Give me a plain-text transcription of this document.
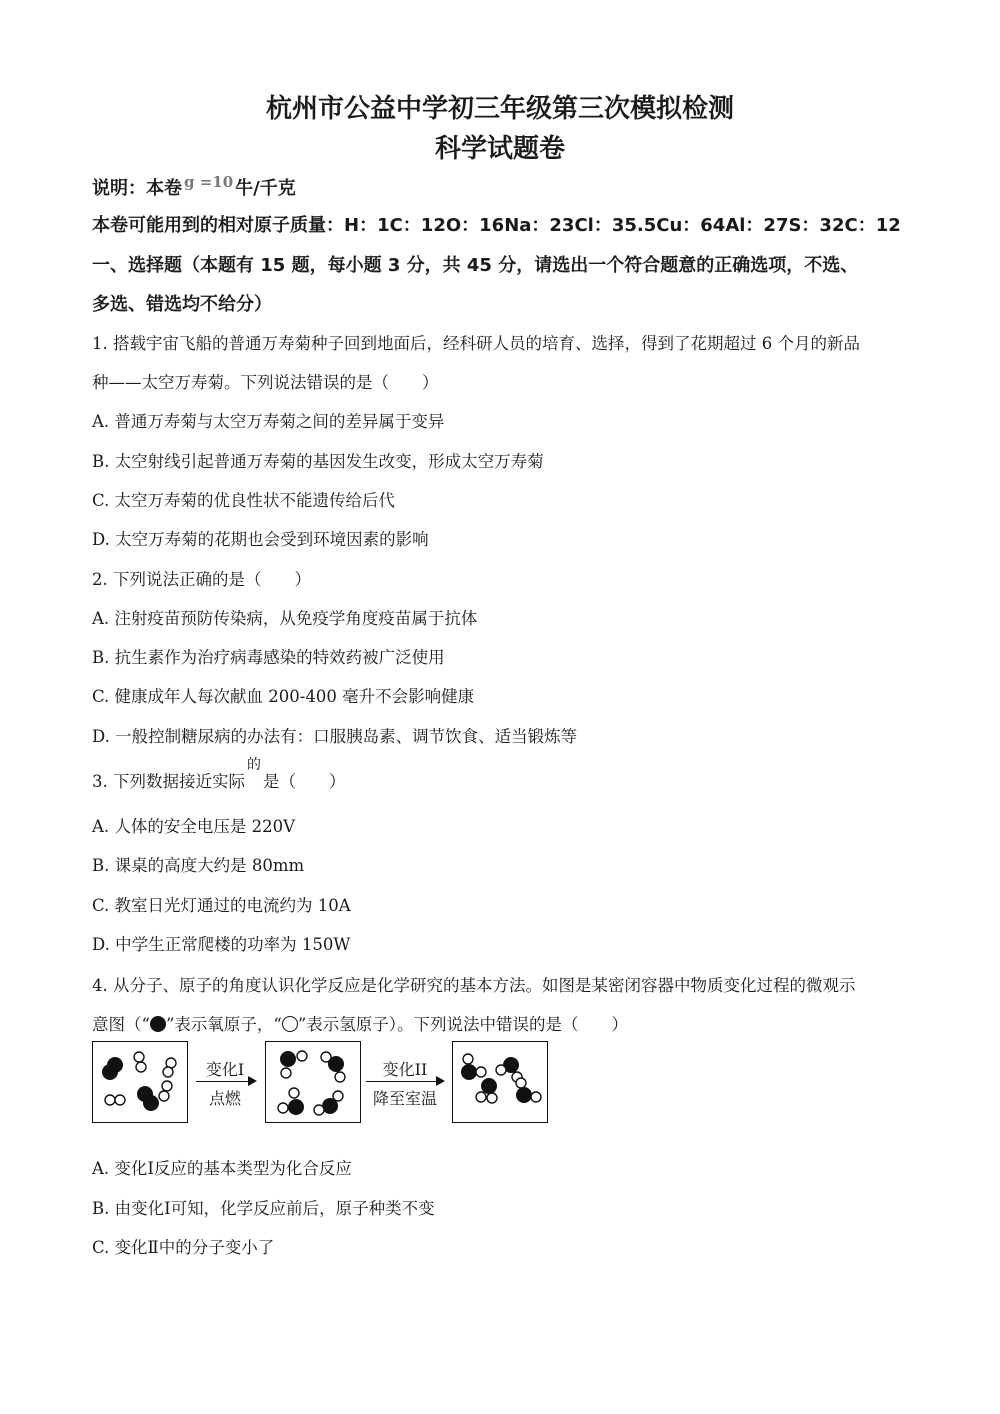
杭州市公益中学初三年级第三次模拟检测
科学试题卷
说明：本卷 $^{g =10}$ 牛/千克
本卷可能用到的相对原子质量：H：1C：12O：16Na：23Cl：35.5Cu：64Al：27S：32C：12
一、选择题（本题有 15 题，每小题 3 分，共 45 分，请选出一个符合题意的正确选项，不选、
多选、错选均不给分）
1. 搭载宇宙飞船的普通万寿菊种子回到地面后，经科研人员的培育、选择，得到了花期超过 6 个月的新品
种——太空万寿菊。下列说法错误的是（　　）
A. 普通万寿菊与太空万寿菊之间的差异属于变异
B. 太空射线引起普通万寿菊的基因发生改变，形成太空万寿菊
C. 太空万寿菊的优良性状不能遗传给后代
D. 太空万寿菊的花期也会受到环境因素的影响
2. 下列说法正确的是（　　）
A. 注射疫苗预防传染病，从免疫学角度疫苗属于抗体
B. 抗生素作为治疗病毒感染的特效药被广泛使用
C. 健康成年人每次献血 200-400 毫升不会影响健康
D. 一般控制糖尿病的办法有：口服胰岛素、调节饮食、适当锻炼等
3. 下列数据接近实际$^的$是（　　）
A. 人体的安全电压是 220V
B. 课桌的高度大约是 80mm
C. 教室日光灯通过的电流约为 10A
D. 中学生正常爬楼的功率为 150W
4. 从分子、原子的角度认识化学反应是化学研究的基本方法。如图是某密闭容器中物质变化过程的微观示
意图（“ ”表示氧原子，“ ”表示氢原子）。下列说法中错误的是（　　）
变化I
点燃
变化II
降至室温
A. 变化Ⅰ反应的基本类型为化合反应
B. 由变化Ⅰ可知，化学反应前后，原子种类不变
C. 变化Ⅱ中的分子变小了
